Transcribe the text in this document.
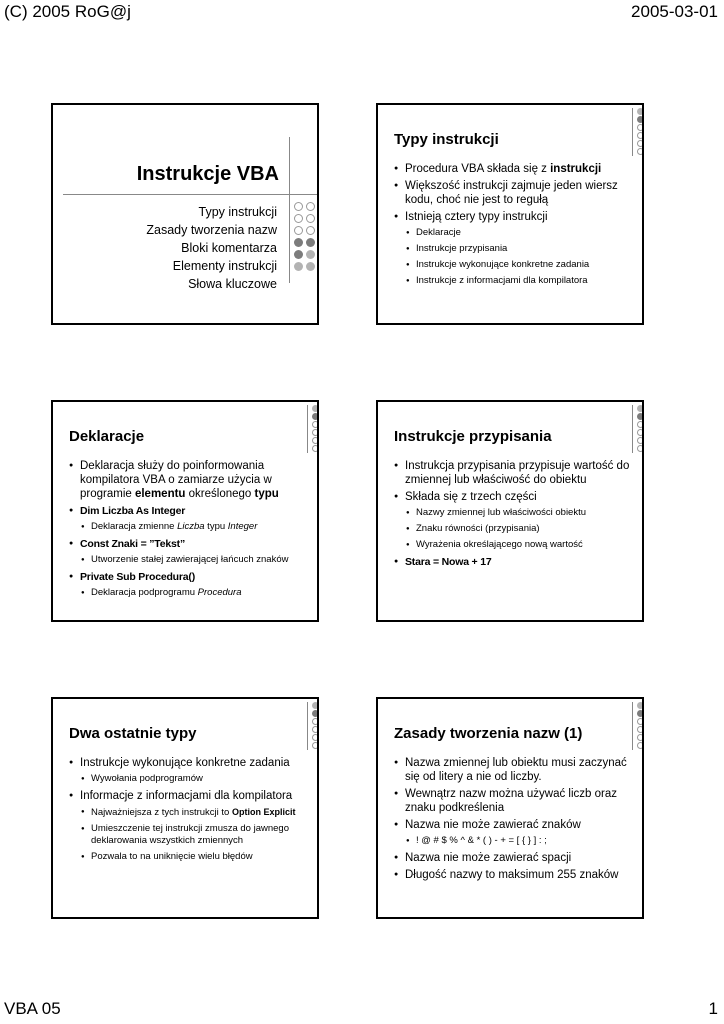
(C) 2005 RoG@j	2005-03-01
VBA 05	1
Instrukcje VBA
Typy instrukcji
Zasady tworzenia nazw
Bloki komentarza
Elementy instrukcji
Słowa kluczowe
Typy instrukcji
● Procedura VBA składa się z instrukcji
● Większość instrukcji zajmuje jeden wiersz kodu, choć nie jest to regułą
● Istnieją cztery typy instrukcji
● Deklaracje
● Instrukcje przypisania
● Instrukcje wykonujące konkretne zadania
● Instrukcje z informacjami dla kompilatora
Deklaracje
● Deklaracja służy do poinformowania kompilatora VBA o zamiarze użycia w programie elementu określonego typu
● Dim Liczba As Integer
● Deklaracja zmienne Liczba typu Integer
● Const Znaki = ”Tekst”
● Utworzenie stałej zawierającej łańcuch znaków
● Private Sub Procedura()
● Deklaracja podprogramu Procedura
Instrukcje przypisania
● Instrukcja przypisania przypisuje wartość do zmiennej lub właściwość do obiektu
● Składa się z trzech części
● Nazwy zmiennej lub właściwości obiektu
● Znaku równości (przypisania)
● Wyrażenia określającego nową wartość
● Stara = Nowa + 17
Dwa ostatnie typy
● Instrukcje wykonujące konkretne zadania
● Wywołania podprogramów
● Informacje z informacjami dla kompilatora
● Najważniejsza z tych instrukcji to Option Explicit
● Umieszczenie tej instrukcji zmusza do jawnego deklarowania wszystkich zmiennych
● Pozwala to na uniknięcie wielu błędów
Zasady tworzenia nazw (1)
● Nazwa zmiennej lub obiektu musi zaczynać się od litery a nie od liczby.
● Wewnątrz nazw można używać liczb oraz znaku podkreślenia
● Nazwa nie może zawierać znaków
● ! @ # $ % ^ & * ( ) - + = [ { } ] : ;
● Nazwa nie może zawierać spacji
● Długość nazwy to maksimum 255 znaków
